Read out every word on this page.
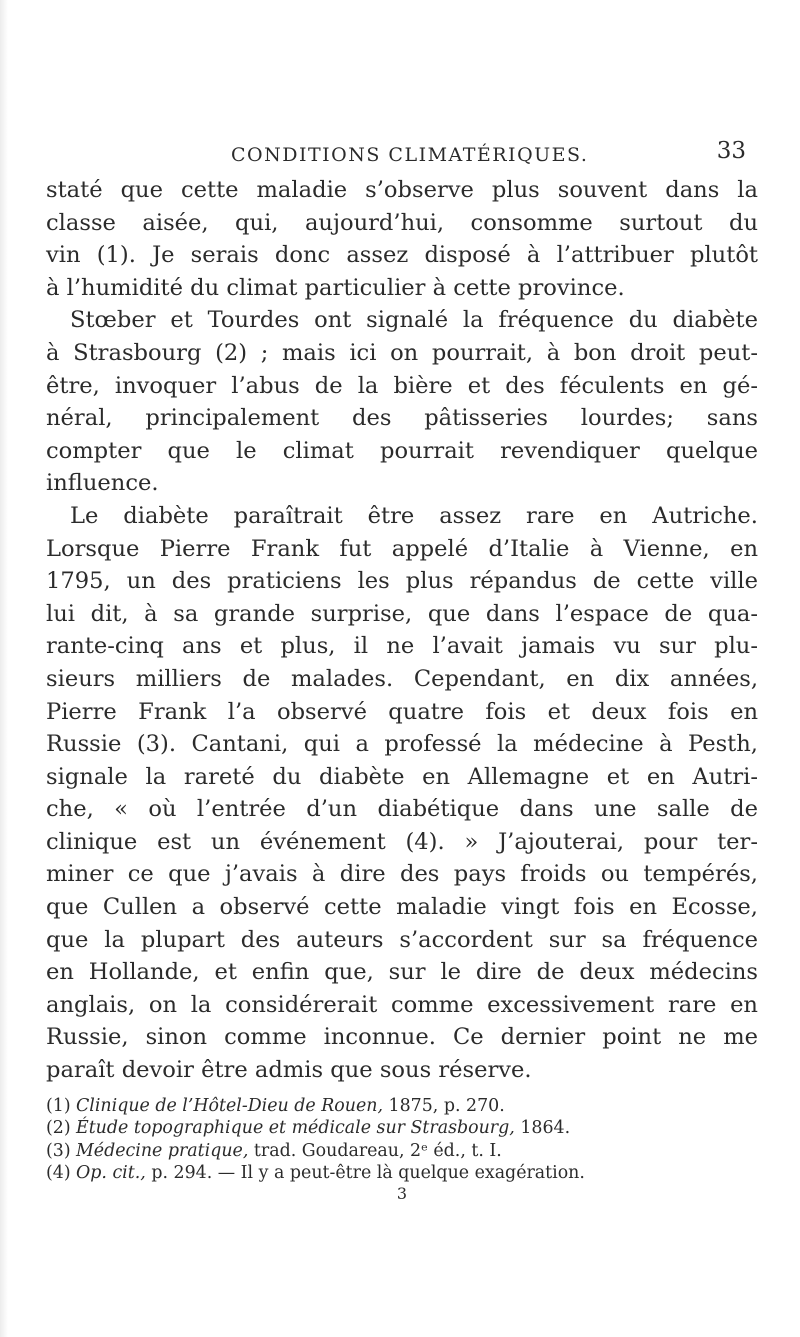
CONDITIONS CLIMATÉRIQUES.	33
staté que cette maladie s’observe plus souvent dans la
classe aisée, qui, aujourd’hui, consomme surtout du
vin (1). Je serais donc assez disposé à l’attribuer plutôt
à l’humidité du climat particulier à cette province.
Stœber et Tourdes ont signalé la fréquence du diabète
à Strasbourg (2) ; mais ici on pourrait, à bon droit peut-
être, invoquer l’abus de la bière et des féculents en gé-
néral, principalement des pâtisseries lourdes; sans
compter que le climat pourrait revendiquer quelque
influence.
Le diabète paraîtrait être assez rare en Autriche.
Lorsque Pierre Frank fut appelé d’Italie à Vienne, en
1795, un des praticiens les plus répandus de cette ville
lui dit, à sa grande surprise, que dans l’espace de qua-
rante-cinq ans et plus, il ne l’avait jamais vu sur plu-
sieurs milliers de malades. Cependant, en dix années,
Pierre Frank l’a observé quatre fois et deux fois en
Russie (3). Cantani, qui a professé la médecine à Pesth,
signale la rareté du diabète en Allemagne et en Autri-
che, « où l’entrée d’un diabétique dans une salle de
clinique est un événement (4). » J’ajouterai, pour ter-
miner ce que j’avais à dire des pays froids ou tempérés,
que Cullen a observé cette maladie vingt fois en Ecosse,
que la plupart des auteurs s’accordent sur sa fréquence
en Hollande, et enfin que, sur le dire de deux médecins
anglais, on la considérerait comme excessivement rare en
Russie, sinon comme inconnue. Ce dernier point ne me
paraît devoir être admis que sous réserve.
(1) Clinique de l’Hôtel-Dieu de Rouen, 1875, p. 270.
(2) Étude topographique et médicale sur Strasbourg, 1864.
(3) Médecine pratique, trad. Goudareau, 2ᵉ éd., t. I.
(4) Op. cit., p. 294. — Il y a peut-être là quelque exagération.
3
